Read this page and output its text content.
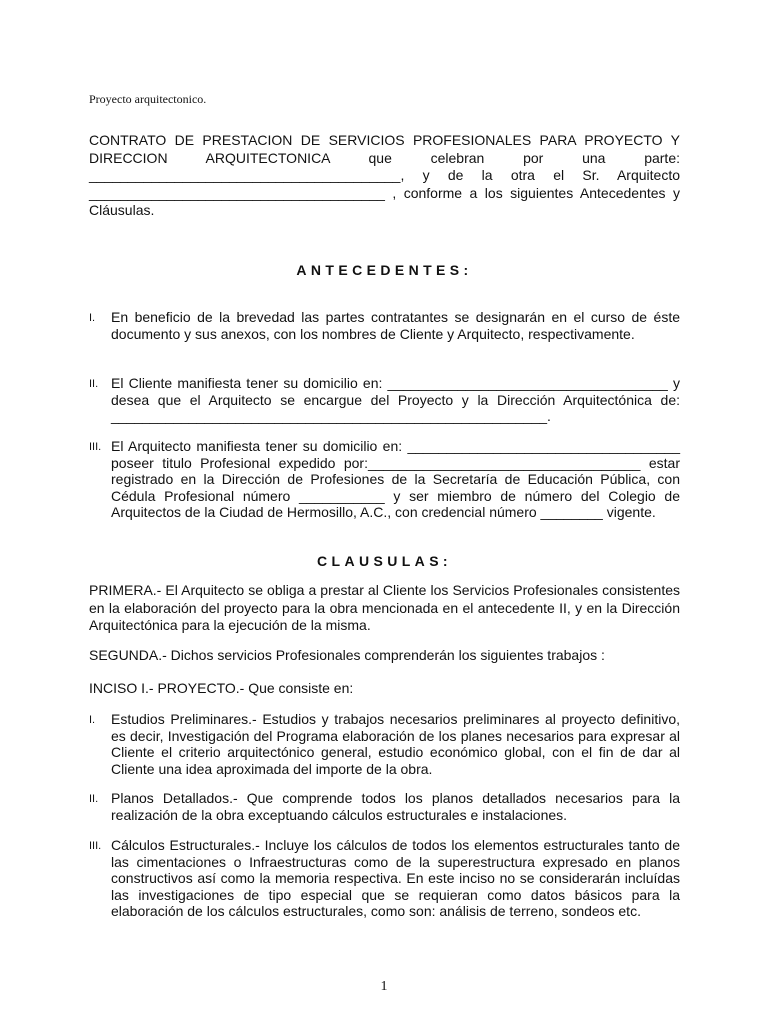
Proyecto arquitectonico.
CONTRATO DE PRESTACION DE SERVICIOS PROFESIONALES PARA PROYECTO Y
DIRECCION ARQUITECTONICA que celebran por una parte:
________________________________________, y de la otra el Sr. Arquitecto
______________________________________ , conforme a los siguientes Antecedentes y
Cláusulas.
ANTECEDENTES:
I.	En beneficio de la brevedad las partes contratantes se designarán en el curso de éste documento y sus anexos, con los nombres de Cliente y Arquitecto, respectivamente.
II. El Cliente manifiesta tener su domicilio en: ____________________________________ y desea que el Arquitecto se encargue del Proyecto y la Dirección Arquitectónica de: ________________________________________________________.
III. El Arquitecto manifiesta tener su domicilio en: ___________________________________ poseer titulo Profesional expedido por:___________________________________ estar registrado en la Dirección de Profesiones de la Secretaría de Educación Pública, con Cédula Profesional número ___________ y ser miembro de número del Colegio de Arquitectos de la Ciudad de Hermosillo, A.C., con credencial número ________ vigente.
CLAUSULAS:
PRIMERA.- El Arquitecto se obliga a prestar al Cliente los Servicios Profesionales consistentes en la elaboración del proyecto para la obra mencionada en el antecedente II, y en la Dirección Arquitectónica para la ejecución de la misma.
SEGUNDA.- Dichos servicios Profesionales comprenderán los siguientes trabajos :
INCISO I.- PROYECTO.- Que consiste en:
I.	Estudios Preliminares.- Estudios y trabajos necesarios preliminares al proyecto definitivo, es decir, Investigación del Programa elaboración de los planes necesarios para expresar al Cliente el criterio arquitectónico general, estudio económico global, con el fin de dar al Cliente una idea aproximada del importe de la obra.
II. Planos Detallados.- Que comprende todos los planos detallados necesarios para la realización de la obra exceptuando cálculos estructurales e instalaciones.
III. Cálculos Estructurales.- Incluye los cálculos de todos los elementos estructurales tanto de las cimentaciones o Infraestructuras como de la superestructura expresado en planos constructivos así como la memoria respectiva. En este inciso no se considerarán incluídas las investigaciones de tipo especial que se requieran como datos básicos para la elaboración de los cálculos estructurales, como son: análisis de terreno, sondeos etc.
1
